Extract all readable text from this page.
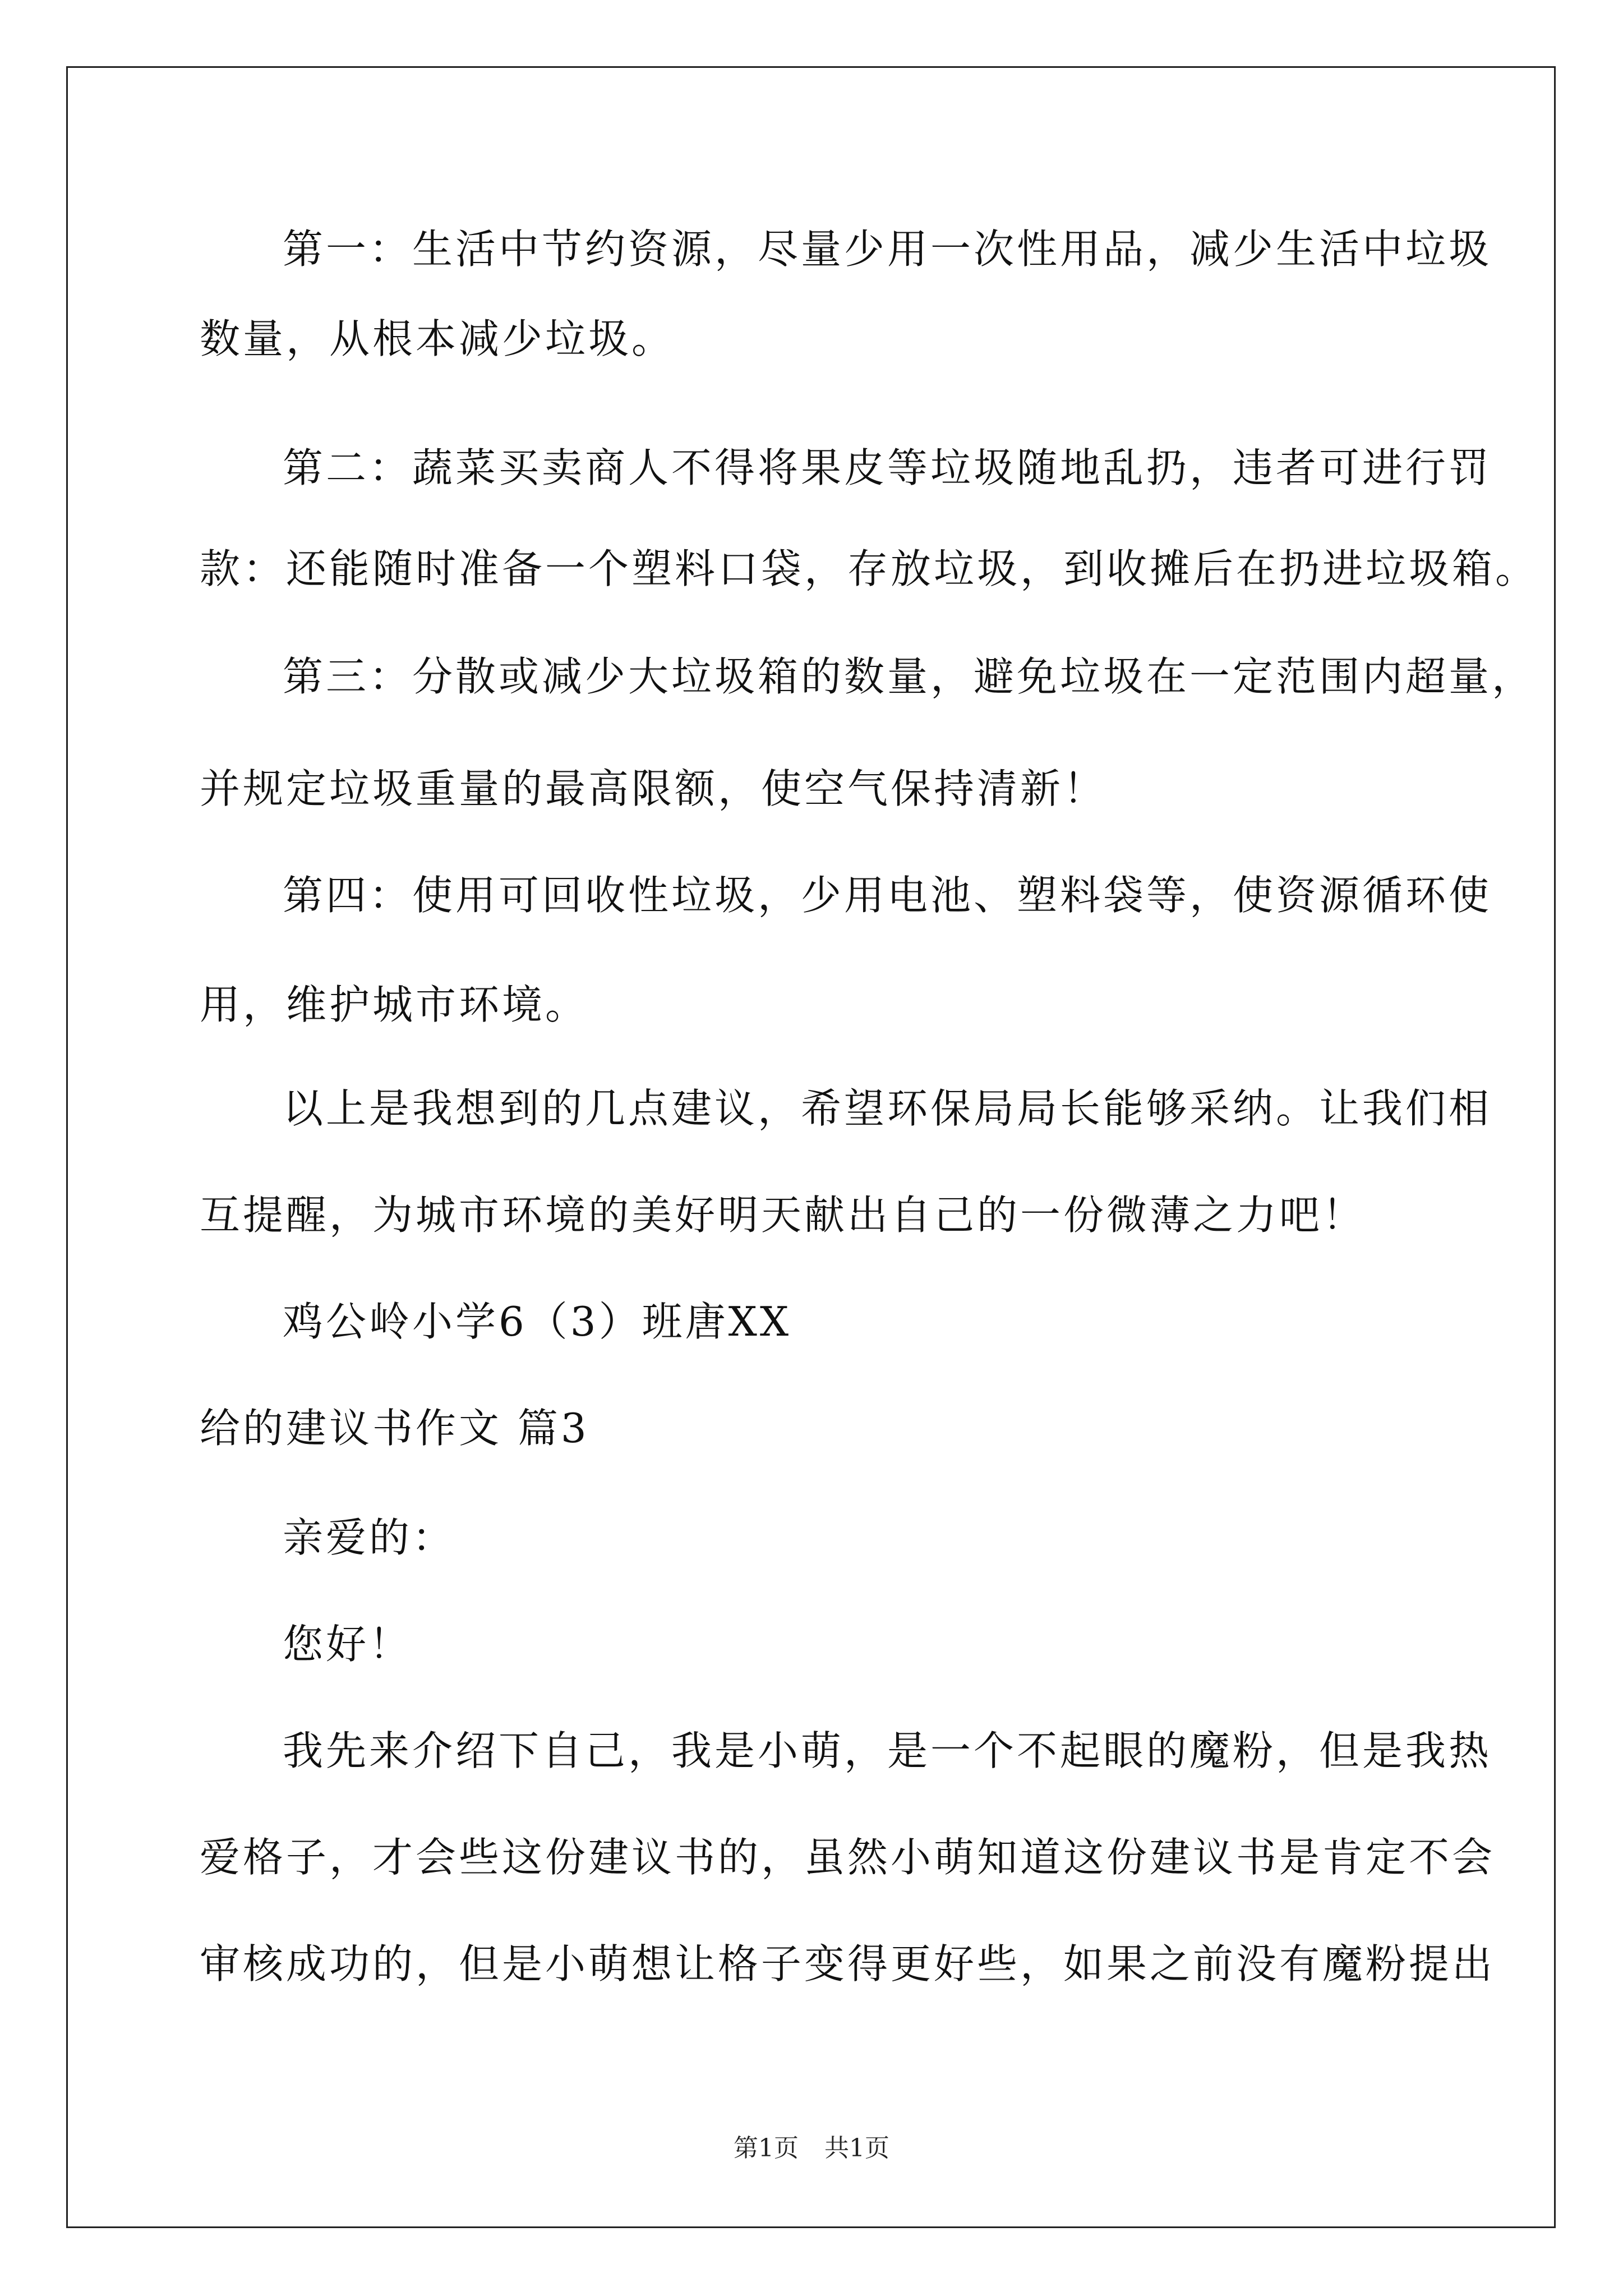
第一：生活中节约资源，尽量少用一次性用品，减少生活中垃圾

数量，从根本减少垃圾。

第二：蔬菜买卖商人不得将果皮等垃圾随地乱扔，违者可进行罚

款：还能随时准备一个塑料口袋，存放垃圾，到收摊后在扔进垃圾箱。

第三：分散或减少大垃圾箱的数量，避免垃圾在一定范围内超量，

并规定垃圾重量的最高限额，使空气保持清新！

第四：使用可回收性垃圾，少用电池、塑料袋等，使资源循环使

用，维护城市环境。

以上是我想到的几点建议，希望环保局局长能够采纳。让我们相

互提醒，为城市环境的美好明天献出自己的一份微薄之力吧！

鸡公岭小学6（3）班唐XX

给的建议书作文 篇3

亲爱的：

您好！

我先来介绍下自己，我是小萌，是一个不起眼的魔粉，但是我热

爱格子，才会些这份建议书的，虽然小萌知道这份建议书是肯定不会

审核成功的，但是小萌想让格子变得更好些，如果之前没有魔粉提出

第1页 共1页
